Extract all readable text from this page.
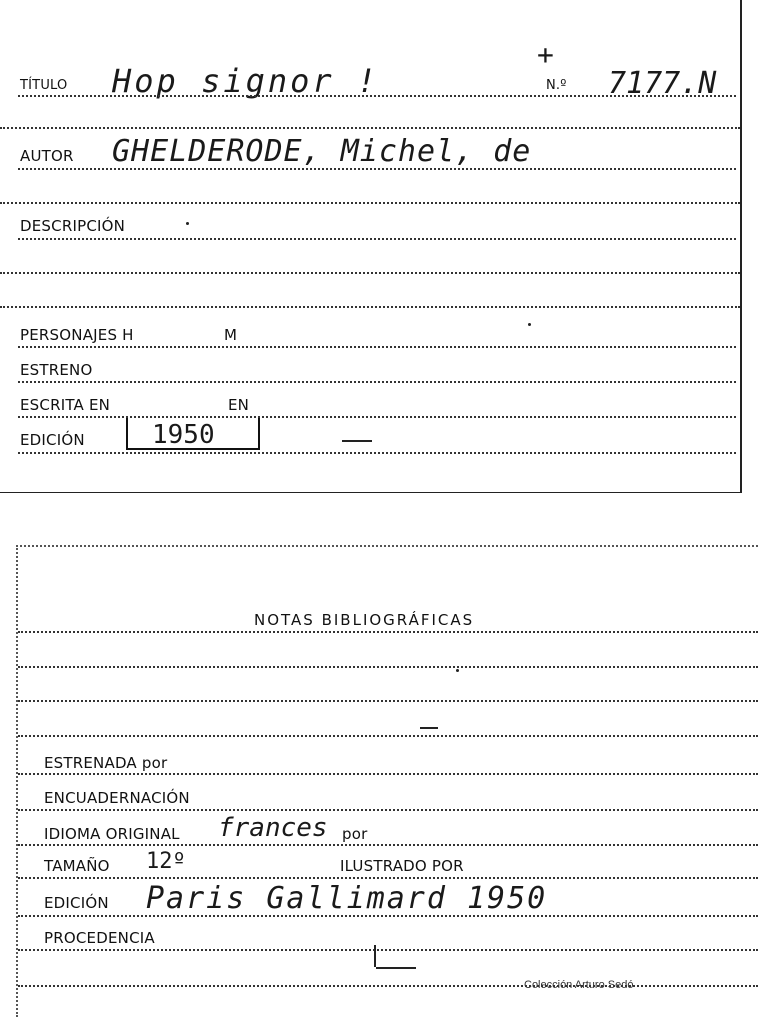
TÍTULO Hop signor !
+
N.º 7177.N
AUTOR GHELDERODE, Michel, de
DESCRIPCIÓN
PERSONAJES H	M
ESTRENO
ESCRITA EN	EN
EDICIÓN	1950
NOTAS BIBLIOGRÁFICAS
ESTRENADA por
ENCUADERNACIÓN
IDIOMA ORIGINAL frances por
TAMAÑO 12º	ILUSTRADO POR
EDICIÓN Paris Gallimard 1950
PROCEDENCIA
Colección Arturo Sedó
